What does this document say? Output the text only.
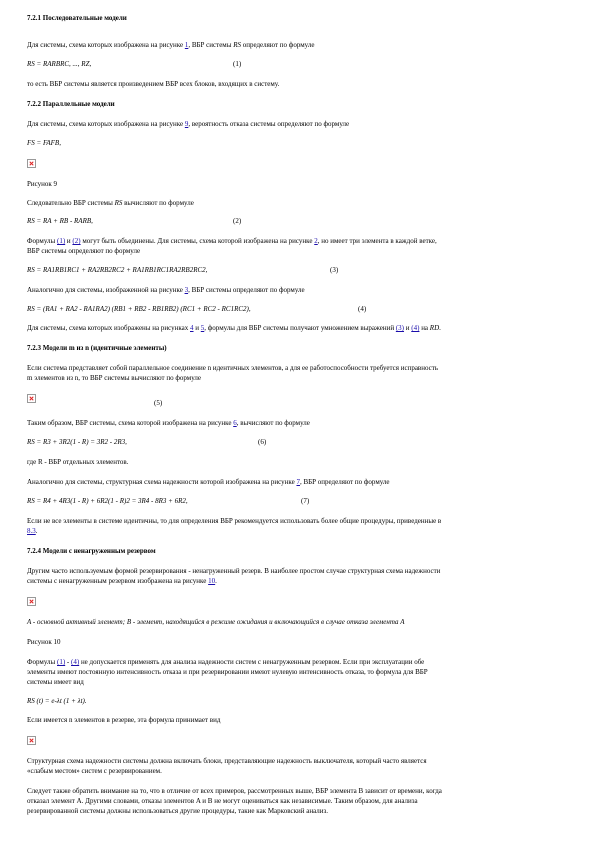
7.2.1 Последовательные модели
Для системы, схема которых изображена на рисунке 1, ВБР системы RS определяют по формуле
RS = RARBRC, ..., RZ,	(1)
то есть ВБР системы является произведением ВБР всех блоков, входящих в систему.
7.2.2 Параллельные модели
Для системы, схема которых изображена на рисунке 9, вероятность отказа системы определяют по формуле
FS = FAFB,
Рисунок 9
Следовательно ВБР системы RS вычисляют по формуле
RS = RA + RB - RARB,	(2)
Формулы (1) и (2) могут быть объединены. Для системы, схема которой изображена на рисунке 2, но имеет три элемента в каждой ветке,
ВБР системы определяют по формуле
RS = RA1RB1RC1 + RA2RB2RC2 + RA1RB1RC1RA2RB2RC2,	(3)
Аналогично для системы, изображенной на рисунке 3, ВБР системы определяют по формуле
RS = (RA1 + RA2 - RA1RA2) (RB1 + RB2 - RB1RB2) (RC1 + RC2 - RC1RC2),	(4)
Для системы, схема которых изображены на рисунках 4 и 5, формулы для ВБР системы получают умножением выражений (3) и (4) на RD.
7.2.3 Модели m из n (идентичные элементы)
Если система представляет собой параллельное соединение n идентичных элементов, а для ее работоспособности требуется исправность
m элементов из n, то ВБР системы вычисляют по формуле
(5)
Таким образом, ВБР системы, схема которой изображена на рисунке 6, вычисляют по формуле
RS = R3 + 3R2(1 - R) = 3R2 - 2R3,	(6)
где R - ВБР отдельных элементов.
Аналогично для системы, структурная схема надежности которой изображена на рисунке 7, ВБР определяют по формуле
RS = R4 + 4R3(1 - R) + 6R2(1 - R)2 = 3R4 - 8R3 + 6R2,	(7)
Если не все элементы в системе идентичны, то для определения ВБР рекомендуется использовать более общие процедуры, приведенные в
8.3.
7.2.4 Модели с ненагруженным резервом
Другим часто используемым формой резервирования - ненагруженный резерв. В наиболее простом случае структурная схема надежности
системы с ненагруженным резервом изображена на рисунке 10.
A - основной активный элемент; B - элемент, находящийся в режиме ожидания и включающийся в случае отказа элемента A
Рисунок 10
Формулы (1) - (4) не допускается применять для анализа надежности систем с ненагруженным резервом. Если при эксплуатации обе
элементы имеют постоянную интенсивность отказа и при резервировании имеют нулевую интенсивность отказа, то формула для ВБР
системы имеет вид
RS (t) = e-λt (1 + λt).
Если имеется n элементов в резерве, эта формула принимает вид
Структурная схема надежности системы должна включать блоки, представляющие надежность выключателя, который часто является
«слабым местом» систем с резервированием.
Следует также обратить внимание на то, что в отличие от всех примеров, рассмотренных выше, ВБР элемента B зависит от времени, когда
отказал элемент A. Другими словами, отказы элементов A и B не могут оцениваться как независимые. Таким образом, для анализа
резервированной системы должны использоваться другие процедуры, такие как Марковский анализ.
